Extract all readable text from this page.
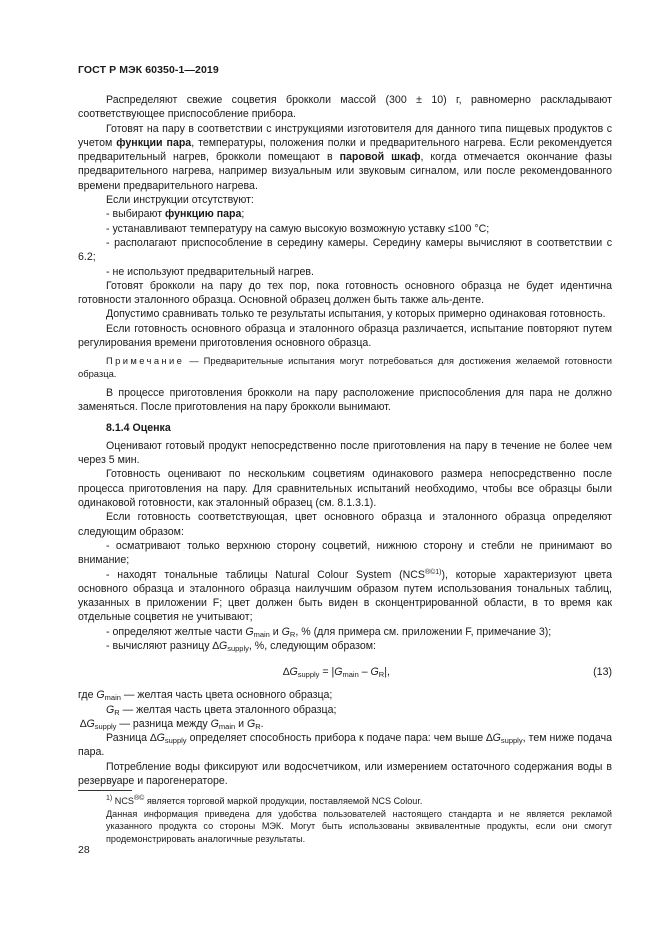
ГОСТ Р МЭК 60350-1—2019

Распределяют свежие соцветия брокколи массой (300 ± 10) г, равномерно раскладывают соответствующее приспособление прибора.

Готовят на пару в соответствии с инструкциями изготовителя для данного типа пищевых продуктов с учетом функции пара, температуры, положения полки и предварительного нагрева. Если рекомендуется предварительный нагрев, брокколи помещают в паровой шкаф, когда отмечается окончание фазы предварительного нагрева, например визуальным или звуковым сигналом, или после рекомендованного времени предварительного нагрева.

Если инструкции отсутствуют:

- выбирают функцию пара;

- устанавливают температуру на самую высокую возможную уставку ≤100 °С;

- располагают приспособление в середину камеры. Середину камеры вычисляют в соответствии с 6.2;

- не используют предварительный нагрев.

Готовят брокколи на пару до тех пор, пока готовность основного образца не будет идентична готовности эталонного образца. Основной образец должен быть также аль-денте.

Допустимо сравнивать только те результаты испытания, у которых примерно одинаковая готовность.

Если готовность основного образца и эталонного образца различается, испытание повторяют путем регулирования времени приготовления основного образца.

Примечание — Предварительные испытания могут потребоваться для достижения желаемой готовности образца.

В процессе приготовления брокколи на пару расположение приспособления для пара не должно заменяться. После приготовления на пару брокколи вынимают.

8.1.4 Оценка

Оценивают готовый продукт непосредственно после приготовления на пару в течение не более чем через 5 мин.

Готовность оценивают по нескольким соцветиям одинакового размера непосредственно после процесса приготовления на пару. Для сравнительных испытаний необходимо, чтобы все образцы были одинаковой готовности, как эталонный образец (см. 8.1.3.1).

Если готовность соответствующая, цвет основного образца и эталонного образца определяют следующим образом:

- осматривают только верхнюю сторону соцветий, нижнюю сторону и стебли не принимают во внимание;

- находят тональные таблицы Natural Colour System $(NCS^{®©1)})$, которые характеризуют цвета основного образца и эталонного образца наилучшим образом путем использования тональных таблиц, указанных в приложении F; цвет должен быть виден в сконцентрированной области, в то время как отдельные соцветия не учитывают;

- определяют желтые части $G_{main}$ и $G_R$, % (для примера см. приложении F, примечание 3);

- вычисляют разницу $\Delta G_{supply}$, %, следующим образом:

$\Delta G_{supply} = |G_{main} - G_R|$,	(13)

где $G_{main}$ — желтая часть цвета основного образца;

$G_R$ — желтая часть цвета эталонного образца;

$\Delta G_{supply}$ — разница между $G_{main}$ и $G_R$.

Разница $\Delta G_{supply}$ определяет способность прибора к подаче пара: чем выше $\Delta G_{supply}$, тем ниже подача пара.

Потребление воды фиксируют или водосчетчиком, или измерением остаточного содержания воды в резервуаре и парогенераторе.

$^{1)}$ NCS®© является торговой маркой продукции, поставляемой NCS Colour.

Данная информация приведена для удобства пользователей настоящего стандарта и не является рекламой указанного продукта со стороны МЭК. Могут быть использованы эквивалентные продукты, если они смогут продемонстрировать аналогичные результаты.

28
